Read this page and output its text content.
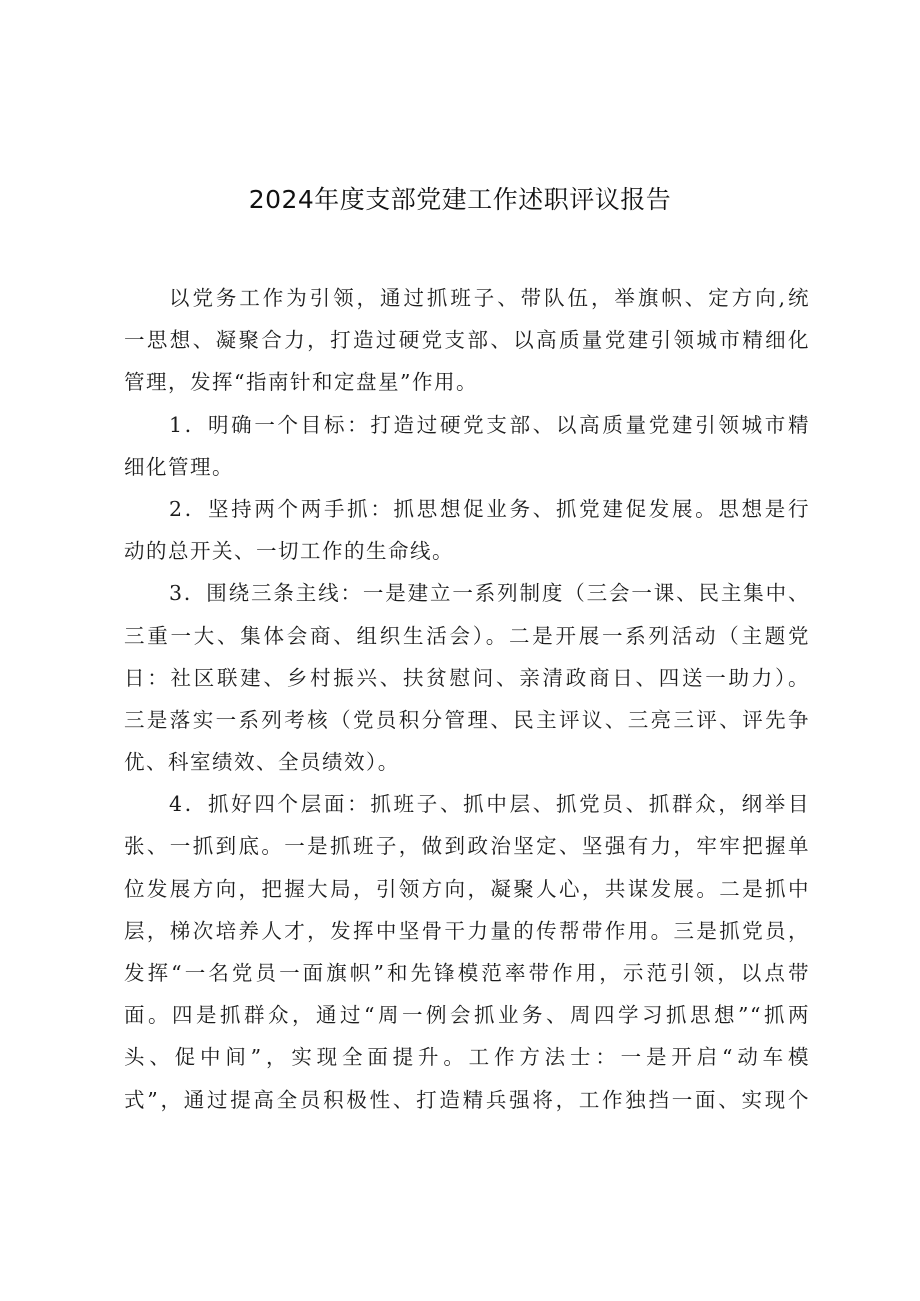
2024年度支部党建工作述职评议报告
以党务工作为引领，通过抓班子、带队伍，举旗帜、定方向,统
一思想、凝聚合力，打造过硬党支部、以高质量党建引领城市精细化
管理，发挥“指南针和定盘星”作用。
1．明确一个目标：打造过硬党支部、以高质量党建引领城市精
细化管理。
2．坚持两个两手抓：抓思想促业务、抓党建促发展。思想是行
动的总开关、一切工作的生命线。
3．围绕三条主线：一是建立一系列制度（三会一课、民主集中、
三重一大、集体会商、组织生活会）。二是开展一系列活动（主题党
日：社区联建、乡村振兴、扶贫慰问、亲清政商日、四送一助力）。
三是落实一系列考核（党员积分管理、民主评议、三亮三评、评先争
优、科室绩效、全员绩效）。
4．抓好四个层面：抓班子、抓中层、抓党员、抓群众，纲举目
张、一抓到底。一是抓班子，做到政治坚定、坚强有力，牢牢把握单
位发展方向，把握大局，引领方向，凝聚人心，共谋发展。二是抓中
层，梯次培养人才，发挥中坚骨干力量的传帮带作用。三是抓党员，
发挥“一名党员一面旗帜”和先锋模范率带作用，示范引领，以点带
面。四是抓群众，通过“周一例会抓业务、周四学习抓思想”“抓两
头、促中间”，实现全面提升。工作方法士：一是开启“动车模
式”，通过提高全员积极性、打造精兵强将，工作独挡一面、实现个
